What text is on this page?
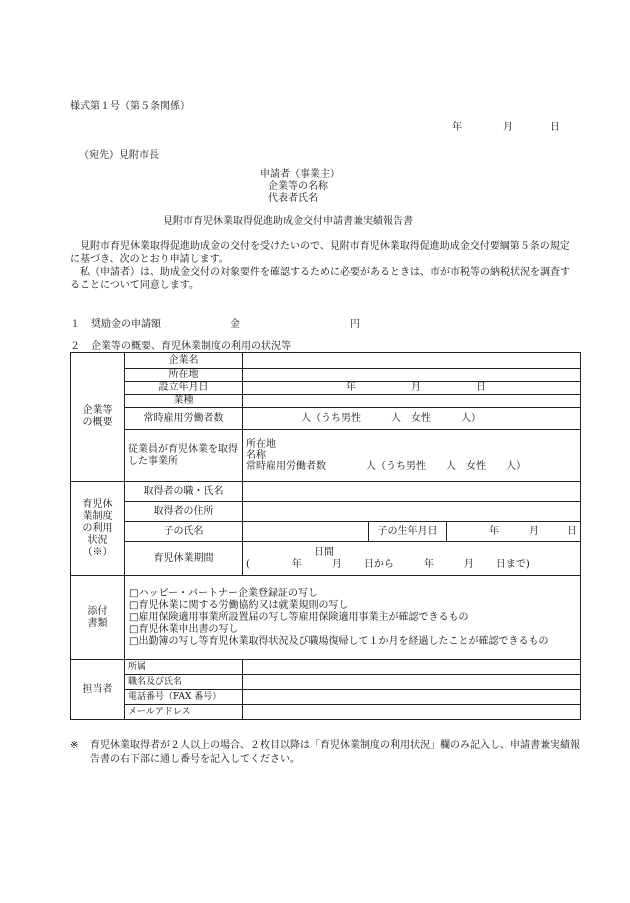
様式第１号（第５条関係）
年	月	日
（宛先）見附市長
申請者（事業主）
企業等の名称
代表者氏名
見附市育児休業取得促進助成金交付申請書兼実績報告書

見附市育児休業取得促進助成金の交付を受けたいので、見附市育児休業取得促進助成金交付要綱第５条の規定に基づき、次のとおり申請します。

私（申請者）は、助成金交付の対象要件を確認するために必要があるときは、市が市税等の納税状況を調査することについて同意します。

１ 奨励金の申請額	金	円
２ 企業等の概要、育児休業制度の利用の状況等
企業等の概要	企業名			
	所在地			
	設立年月日	年 月 日		
	業種			
	常時雇用労働者数	人（うち男性　　　人　女性　　　人）		

	従業員が育児休業を取得した事業所	所在地
名称
常時雇用労働者数 人（うち男性　　人　女性　　人）		

育児休業制度の利用状況（※）	取得者の職・氏名			
	取得者の住所			
	子の氏名		子の生年月日	年 月 日
	育児休業期間	日間
( 年 月 日から 年 月 日まで)		

添付書類	□ハッピー・パートナー企業登録証の写し
□育児休業に関する労働協約又は就業規則の写し
□雇用保険適用事業所設置届の写し等雇用保険適用事業主が確認できるもの
□育児休業申出書の写し
□出勤簿の写し等育児休業取得状況及び職場復帰して１か月を経過したことが確認できるもの			

担当者	所属			
	職名及び氏名			
	電話番号（FAX 番号）			
	メールアドレス			
※ 育児休業取得者が２人以上の場合、２枚目以降は「育児休業制度の利用状況」欄のみ記入し、申請書兼実績報告書の右下部に通し番号を記入してください。
